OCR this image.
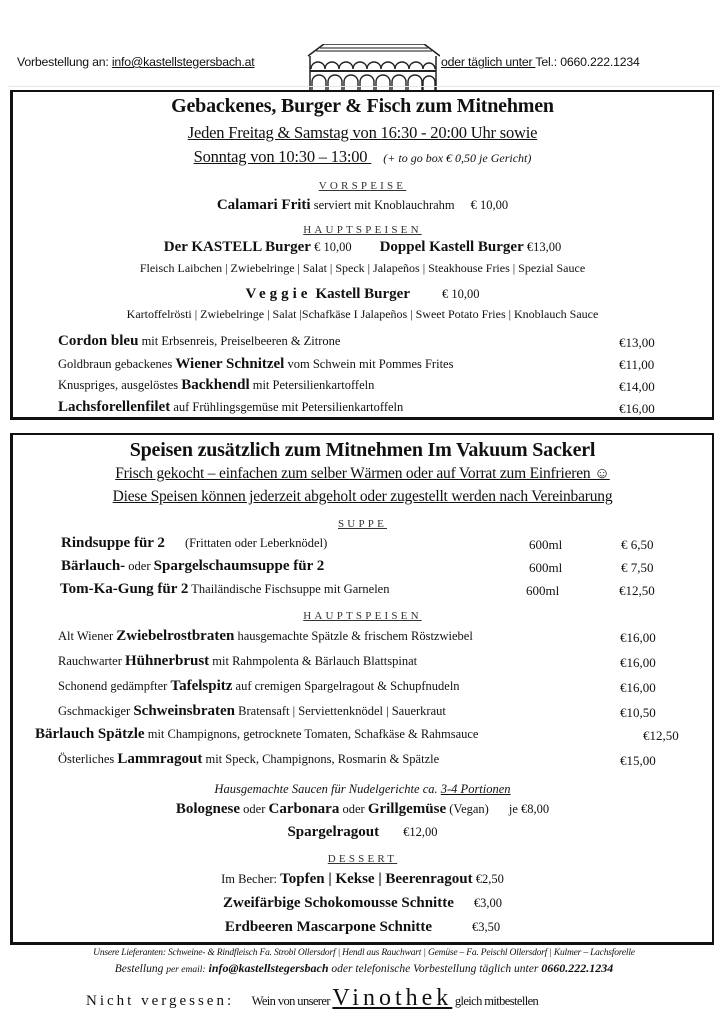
Vorbestellung an: info@kastellstegersbach.at	oder täglich unter Tel.: 0660.222.1234
Gebackenes, Burger & Fisch zum Mitnehmen
Jeden Freitag & Samstag von 16:30 - 20:00 Uhr sowie
Sonntag von 10:30 – 13:00    (+ to go box € 0,50 je Gericht)
VORSPEISE
Calamari Friti serviert mit Knoblauchrahm € 10,00
HAUPTSPEISEN
Der KASTELL Burger € 10,00 Doppel Kastell Burger €13,00
Fleisch Laibchen | Zwiebelringe | Salat | Speck | Jalapeños | Steakhouse Fries | Spezial Sauce
Veggie Kastell Burger	€ 10,00
Kartoffelrösti | Zwiebelringe | Salat |Schafkäse I Jalapeños | Sweet Potato Fries | Knoblauch Sauce
Cordon bleu mit Erbsenreis, Preiselbeeren & Zitrone	€13,00
Goldbraun gebackenes Wiener Schnitzel vom Schwein mit Pommes Frites	€11,00
Knuspriges, ausgelöstes Backhendl mit Petersilienkartoffeln	€14,00
Lachsforellenfilet auf Frühlingsgemüse mit Petersilienkartoffeln	€16,00
Speisen zusätzlich zum Mitnehmen Im Vakuum Sackerl
Frisch gekocht – einfachen zum selber Wärmen oder auf Vorrat zum Einfrieren ☺
Diese Speisen können jederzeit abgeholt oder zugestellt werden nach Vereinbarung
SUPPE
Rindsuppe für 2 (Frittaten oder Leberknödel)	600ml	€ 6,50
Bärlauch- oder Spargelschaumsuppe für 2	600ml	€ 7,50
Tom-Ka-Gung für 2 Thailändische Fischsuppe mit Garnelen	600ml	€12,50
HAUPTSPEISEN
Alt Wiener Zwiebelrostbraten hausgemachte Spätzle & frischem Röstzwiebel	€16,00
Rauchwarter Hühnerbrust mit Rahmpolenta & Bärlauch Blattspinat	€16,00
Schonend gedämpfter Tafelspitz auf cremigen Spargelragout & Schupfnudeln	€16,00
Gschmackiger Schweinsbraten Bratensaft | Serviettenknödel | Sauerkraut	€10,50
Bärlauch Spätzle mit Champignons, getrocknete Tomaten, Schafkäse & Rahmsauce	€12,50
Österliches Lammragout mit Speck, Champignons, Rosmarin & Spätzle	€15,00
Hausgemachte Saucen für Nudelgerichte ca. 3-4 Portionen
Bolognese oder Carbonara oder Grillgemüse (Vegan) je €8,00
Spargelragout €12,00
DESSERT
Im Becher: Topfen | Kekse | Beerenragout €2,50
Zweifärbige Schokomousse Schnitte €3,00
Erdbeeren Mascarpone Schnitte	€3,50
Unsere Lieferanten: Schweine- & Rindfleisch Fa. Strobl Ollersdorf | Hendl aus Rauchwart | Gemüse – Fa. Peischl Ollersdorf | Kulmer – Lachsforelle
Bestellung per email: info@kastellstegersbach oder telefonische Vorbestellung täglich unter 0660.222.1234
Nicht vergessen: Wein von unserer Vinothek gleich mitbestellen
